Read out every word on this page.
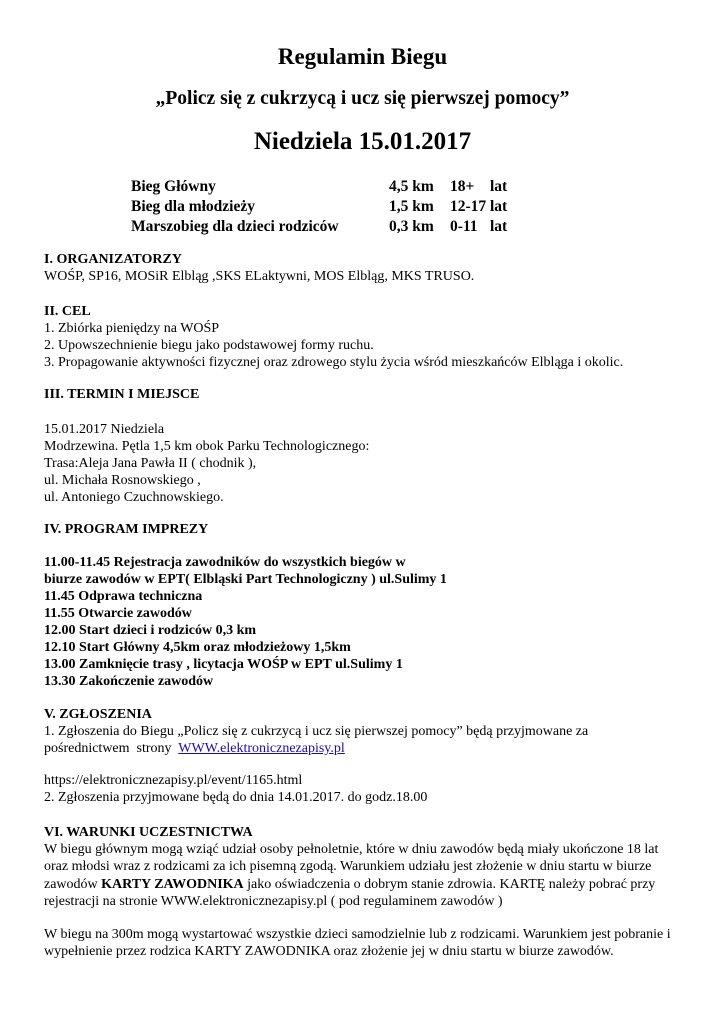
Regulamin Biegu
„Policz się z cukrzycą i ucz się pierwszej pomocy”
Niedziela 15.01.2017
Bieg Główny	4,5 km 18+ lat
Bieg dla młodzieży	1,5 km 12-17 lat
Marszobieg dla dzieci rodziców	0,3 km 0-11 lat
I. ORGANIZATORZY
WOŚP, SP16, MOSiR Elbląg ,SKS ELaktywni, MOS Elbląg, MKS TRUSO.
II. CEL
1. Zbiórka pieniędzy na WOŚP
2. Upowszechnienie biegu jako podstawowej formy ruchu.
3. Propagowanie aktywności fizycznej oraz zdrowego stylu życia wśród mieszkańców Elbląga i okolic.
III. TERMIN I MIEJSCE
15.01.2017 Niedziela
Modrzewina. Pętla 1,5 km obok Parku Technologicznego:
Trasa:Aleja Jana Pawła II ( chodnik ),
ul. Michała Rosnowskiego ,
ul. Antoniego Czuchnowskiego.
IV. PROGRAM IMPREZY
11.00-11.45 Rejestracja zawodników do wszystkich biegów w
biurze zawodów w EPT( Elbląski Part Technologiczny ) ul.Sulimy 1
11.45 Odprawa techniczna
11.55 Otwarcie zawodów
12.00 Start dzieci i rodziców 0,3 km
12.10 Start Główny 4,5km oraz młodzieżowy 1,5km
13.00 Zamknięcie trasy , licytacja WOŚP w EPT ul.Sulimy 1
13.30 Zakończenie zawodów
V. ZGŁOSZENIA
1. Zgłoszenia do Biegu „Policz się z cukrzycą i ucz się pierwszej pomocy” będą przyjmowane za
pośrednictwem  strony  WWW.elektronicznezapisy.pl
https://elektronicznezapisy.pl/event/1165.html
2. Zgłoszenia przyjmowane będą do dnia 14.01.2017. do godz.18.00
VI. WARUNKI UCZESTNICTWA
W biegu głównym mogą wziąć udział osoby pełnoletnie, które w dniu zawodów będą miały ukończone 18 lat oraz młodsi wraz z rodzicami za ich pisemną zgodą. Warunkiem udziału jest złożenie w dniu startu w biurze zawodów KARTY ZAWODNIKA jako oświadczenia o dobrym stanie zdrowia. KARTĘ należy pobrać przy rejestracji na stronie WWW.elektronicznezapisy.pl ( pod regulaminem zawodów )
W biegu na 300m mogą wystartować wszystkie dzieci samodzielnie lub z rodzicami. Warunkiem jest pobranie i wypełnienie przez rodzica KARTY ZAWODNIKA oraz złożenie jej w dniu startu w biurze zawodów.
